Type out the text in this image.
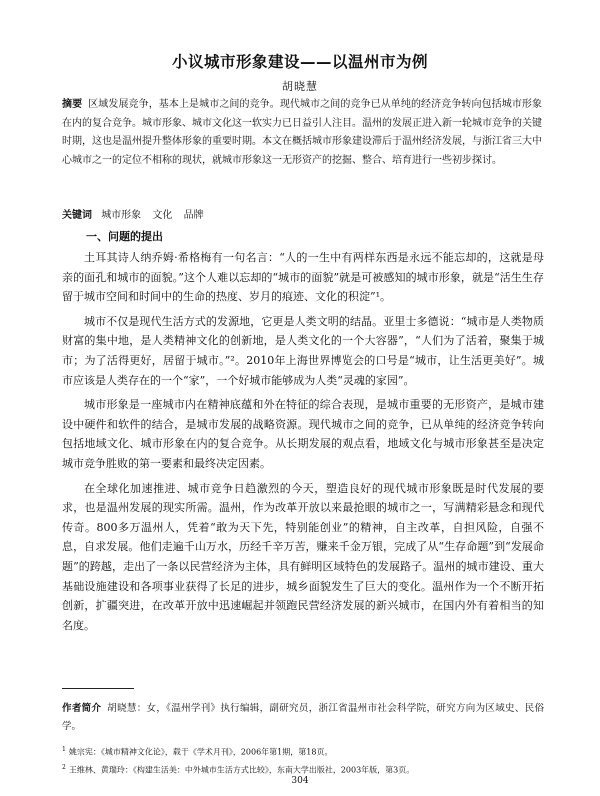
小议城市形象建设——以温州市为例
胡晓慧
摘要 区域发展竞争，基本上是城市之间的竞争。现代城市之间的竞争已从单纯的经济竞争转向包括城市形象在内的复合竞争。城市形象、城市文化这一软实力已日益引人注目。温州的发展正进入新一轮城市竞争的关键时期，这也是温州提升整体形象的重要时期。本文在概括城市形象建设滞后于温州经济发展，与浙江省三大中心城市之一的定位不相称的现状，就城市形象这一无形资产的挖掘、整合、培育进行一些初步探讨。
关键词 城市形象 文化 品牌
一、问题的提出

土耳其诗人纳乔姆·希格梅有一句名言：“人的一生中有两样东西是永远不能忘却的，这就是母亲的面孔和城市的面貌。”这个人难以忘却的“城市的面貌”就是可被感知的城市形象，就是“活生生存留于城市空间和时间中的生命的热度、岁月的痕迹、文化的积淀”¹。

城市不仅是现代生活方式的发源地，它更是人类文明的结晶。亚里士多德说：“城市是人类物质财富的集中地，是人类精神文化的创新地，是人类文化的一个大容器”，“人们为了活着，聚集于城市；为了活得更好，居留于城市。”²。2010年上海世界博览会的口号是“城市，让生活更美好”。城市应该是人类存在的一个“家”，一个好城市能够成为人类“灵魂的家园”。

城市形象是一座城市内在精神底蕴和外在特征的综合表现，是城市重要的无形资产，是城市建设中硬件和软件的结合，是城市发展的战略资源。现代城市之间的竞争，已从单纯的经济竞争转向包括地域文化、城市形象在内的复合竞争。从长期发展的观点看，地域文化与城市形象甚至是决定城市竞争胜败的第一要素和最终决定因素。

在全球化加速推进、城市竞争日趋激烈的今天，塑造良好的现代城市形象既是时代发展的要求，也是温州发展的现实所需。温州，作为改革开放以来最抢眼的城市之一，写满精彩悬念和现代传奇。800多万温州人，凭着“敢为天下先，特别能创业”的精神，自主改革，自担风险，自强不息，自求发展。他们走遍千山万水，历经千辛万苦，赚来千金万银，完成了从“生存命题”到“发展命题”的跨越，走出了一条以民营经济为主体，具有鲜明区域特色的发展路子。温州的城市建设、重大基础设施建设和各项事业获得了长足的进步，城乡面貌发生了巨大的变化。温州作为一个不断开拓创新，扩疆突进，在改革开放中迅速崛起并领跑民营经济发展的新兴城市，在国内外有着相当的知名度。

作者简介 胡晓慧：女，《温州学刊》执行编辑，副研究员，浙江省温州市社会科学院，研究方向为区域史、民俗学。
$^1$ 姚宗宪：《城市精神文化论》，载于《学术月刊》，2006年第1期，第18页。
$^2$ 王维林、黄瑞玲：《构建生活美：中外城市生活方式比较》，东南大学出版社，2003年版，第3页。
304
